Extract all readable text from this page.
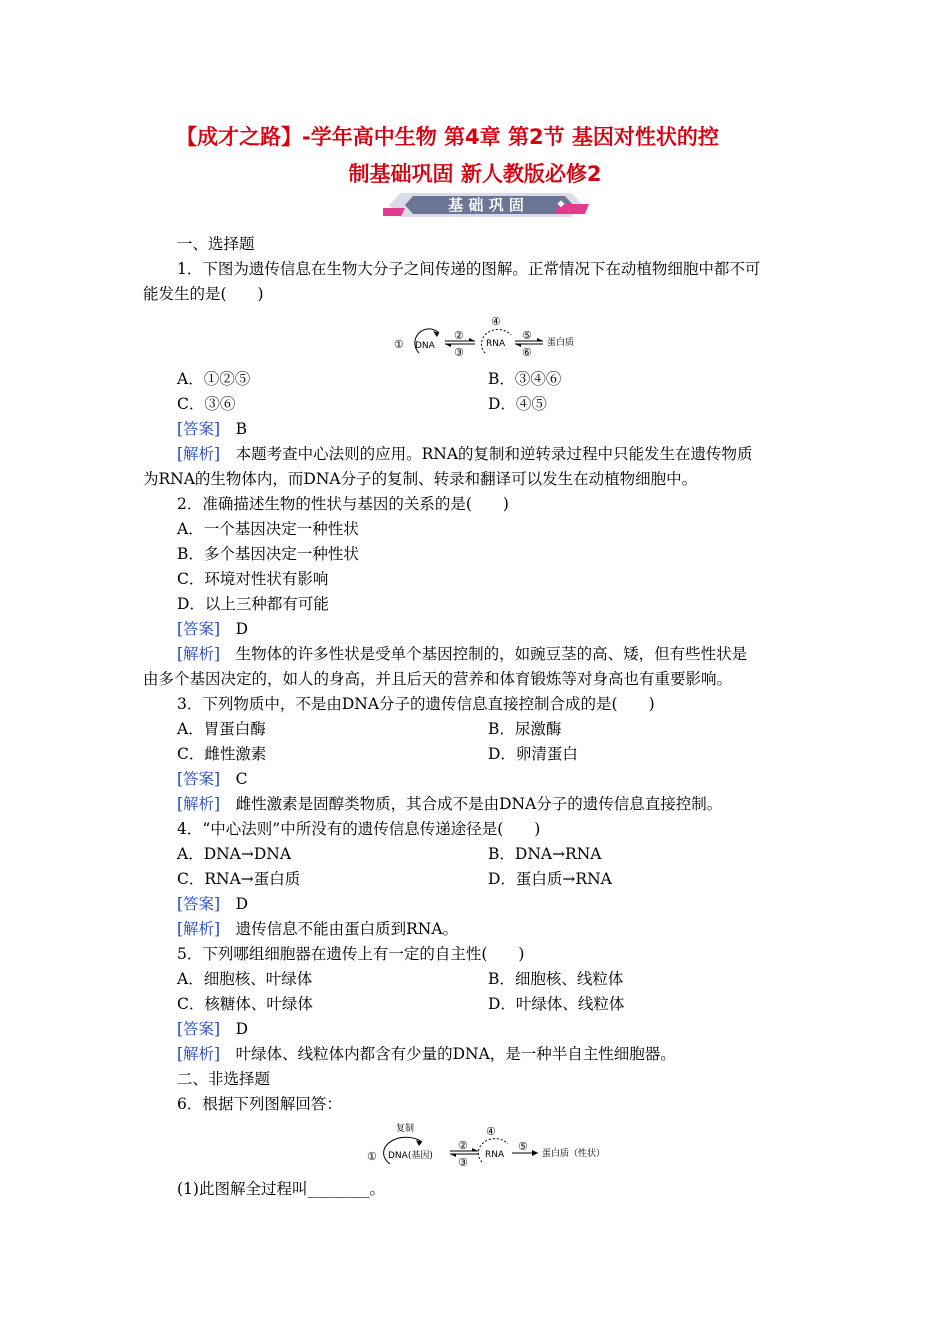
【成才之路】-学年高中生物 第4章 第2节 基因对性状的控
制基础巩固 新人教版必修2
基 础 巩 固
一、选择题
1．下图为遗传信息在生物大分子之间传递的图解。正常情况下在动植物细胞中都不可
能发生的是(　　)
① DNA
②
③
④
RNA
⑤
⑥
蛋白质
A．①②⑤	B．③④⑥
C．③⑥	D．④⑤
[答案]　 B
[解析]　 本题考查中心法则的应用。RNA的复制和逆转录过程中只能发生在遗传物质
为RNA的生物体内，而DNA分子的复制、转录和翻译可以发生在动植物细胞中。
2．准确描述生物的性状与基因的关系的是(　　)
A．一个基因决定一种性状
B．多个基因决定一种性状
C．环境对性状有影响
D．以上三种都有可能
[答案]　 D
[解析]　 生物体的许多性状是受单个基因控制的，如豌豆茎的高、矮，但有些性状是
由多个基因决定的，如人的身高，并且后天的营养和体育锻炼等对身高也有重要影响。
3．下列物质中，不是由DNA分子的遗传信息直接控制合成的是(　　)
A．胃蛋白酶	B．尿激酶
C．雌性激素	D．卵清蛋白
[答案]　 C
[解析]　 雌性激素是固醇类物质，其合成不是由DNA分子的遗传信息直接控制。
4．“中心法则”中所没有的遗传信息传递途径是(　　)
A．DNA→DNA	B．DNA→RNA
C．RNA→蛋白质	D．蛋白质→RNA
[答案]　 D
[解析]　 遗传信息不能由蛋白质到RNA。
5．下列哪组细胞器在遗传上有一定的自主性(　　)
A．细胞核、叶绿体	B．细胞核、线粒体
C．核糖体、叶绿体	D．叶绿体、线粒体
[答案]　 D
[解析]　 叶绿体、线粒体内都含有少量的DNA，是一种半自主性细胞器。
二、非选择题
6．根据下列图解回答：
复制
① DNA(基因)
②
③
④
RNA
⑤
蛋白质（性状）
(1)此图解全过程叫________。
